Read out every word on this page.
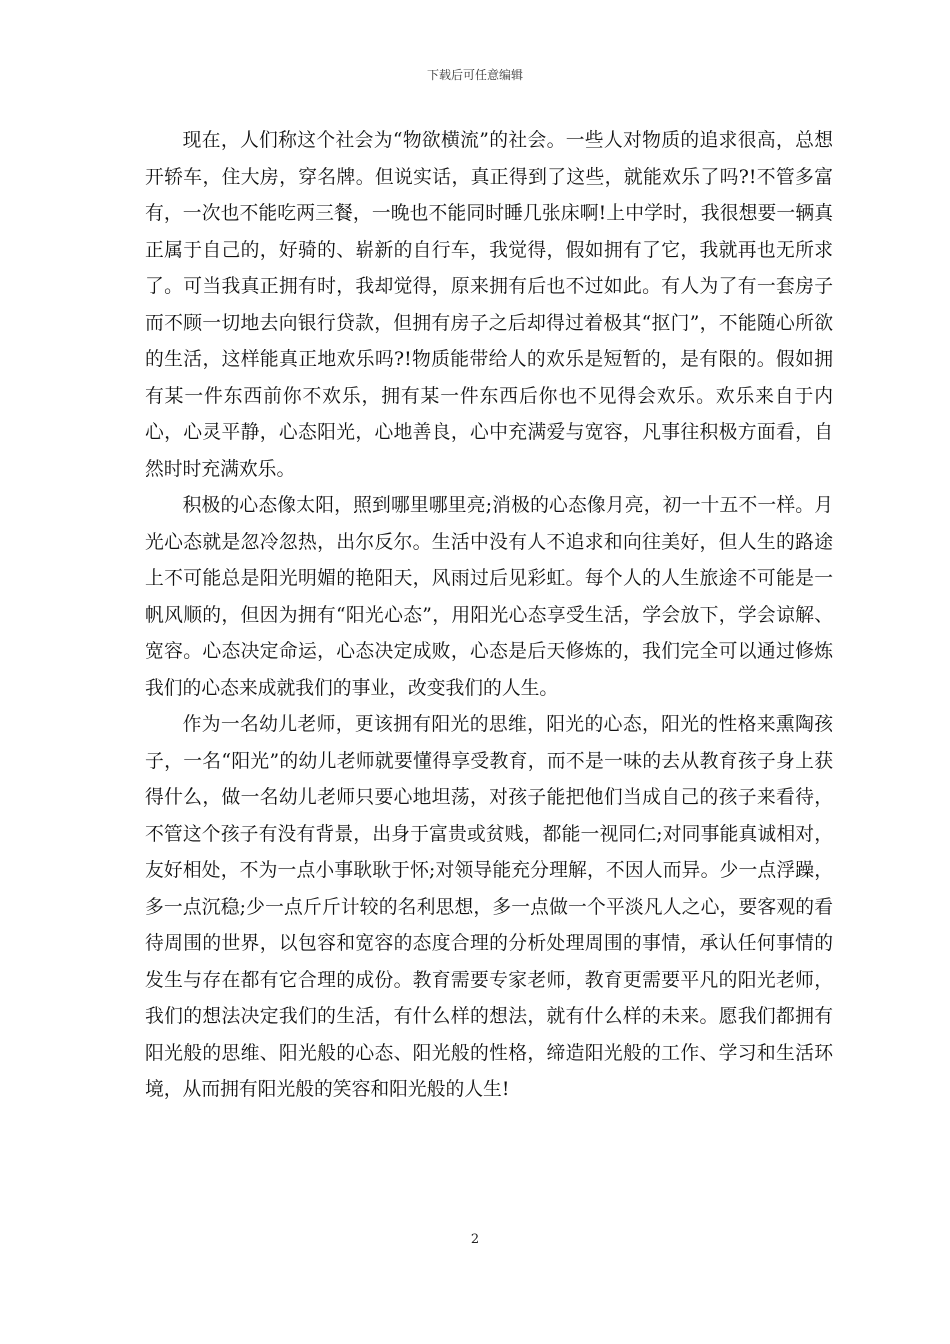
下载后可任意编辑

现在，人们称这个社会为“物欲横流”的社会。一些人对物质的追求很高，总想开轿车，住大房，穿名牌。但说实话，真正得到了这些，就能欢乐了吗?!不管多富有，一次也不能吃两三餐，一晚也不能同时睡几张床啊!上中学时，我很想要一辆真正属于自己的，好骑的、崭新的自行车，我觉得，假如拥有了它，我就再也无所求了。可当我真正拥有时，我却觉得，原来拥有后也不过如此。有人为了有一套房子而不顾一切地去向银行贷款，但拥有房子之后却得过着极其“抠门”，不能随心所欲的生活，这样能真正地欢乐吗?!物质能带给人的欢乐是短暂的，是有限的。假如拥有某一件东西前你不欢乐，拥有某一件东西后你也不见得会欢乐。欢乐来自于内心，心灵平静，心态阳光，心地善良，心中充满爱与宽容，凡事往积极方面看，自然时时充满欢乐。

积极的心态像太阳，照到哪里哪里亮;消极的心态像月亮，初一十五不一样。月光心态就是忽冷忽热，出尔反尔。生活中没有人不追求和向往美好，但人生的路途上不可能总是阳光明媚的艳阳天，风雨过后见彩虹。每个人的人生旅途不可能是一帆风顺的，但因为拥有“阳光心态”，用阳光心态享受生活，学会放下，学会谅解、宽容。心态决定命运，心态决定成败，心态是后天修炼的，我们完全可以通过修炼我们的心态来成就我们的事业，改变我们的人生。

作为一名幼儿老师，更该拥有阳光的思维，阳光的心态，阳光的性格来熏陶孩子，一名“阳光”的幼儿老师就要懂得享受教育，而不是一味的去从教育孩子身上获得什么，做一名幼儿老师只要心地坦荡，对孩子能把他们当成自己的孩子来看待，不管这个孩子有没有背景，出身于富贵或贫贱，都能一视同仁;对同事能真诚相对，友好相处，不为一点小事耿耿于怀;对领导能充分理解，不因人而异。少一点浮躁，多一点沉稳;少一点斤斤计较的名利思想，多一点做一个平淡凡人之心，要客观的看待周围的世界，以包容和宽容的态度合理的分析处理周围的事情，承认任何事情的发生与存在都有它合理的成份。教育需要专家老师，教育更需要平凡的阳光老师，我们的想法决定我们的生活，有什么样的想法，就有什么样的未来。愿我们都拥有阳光般的思维、阳光般的心态、阳光般的性格，缔造阳光般的工作、学习和生活环境，从而拥有阳光般的笑容和阳光般的人生!

2
